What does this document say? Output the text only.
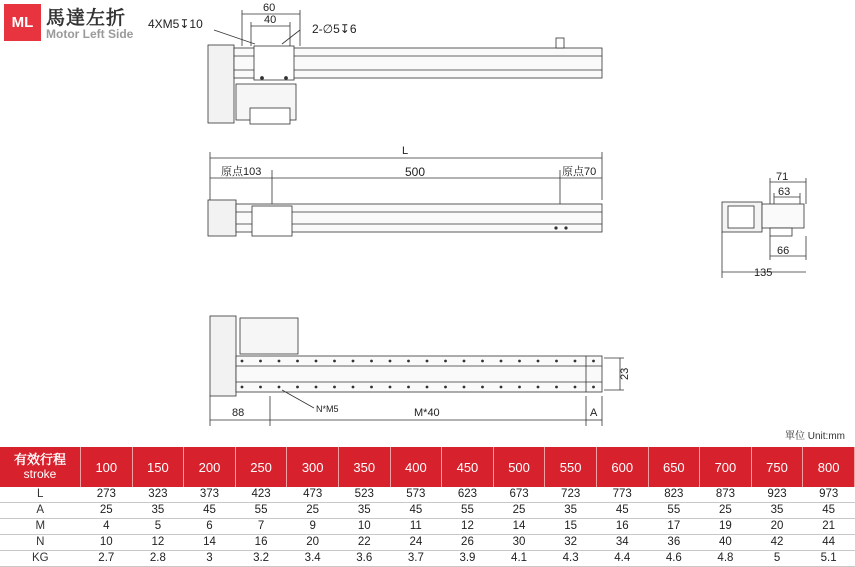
ML 馬達左折
Motor Left Side
60
40
4XM5↧10	2-∅5↧6
L
原点103	500	原点70	71
63
66
135
88	N*M5	M*40	A
23
單位 Unit:mm
有效行程
stroke	100	150	200	250	300	350	400	450	500	550	600	650	700	750	800
L	273	323	373	423	473	523	573	623	673	723	773	823	873	923	973
A	25	35	45	55	25	35	45	55	25	35	45	55	25	35	45
M	4	5	6	7	9	10	11	12	14	15	16	17	19	20	21
N	10	12	14	16	20	22	24	26	30	32	34	36	40	42	44
KG	2.7	2.8	3	3.2	3.4	3.6	3.7	3.9	4.1	4.3	4.4	4.6	4.8	5	5.1
